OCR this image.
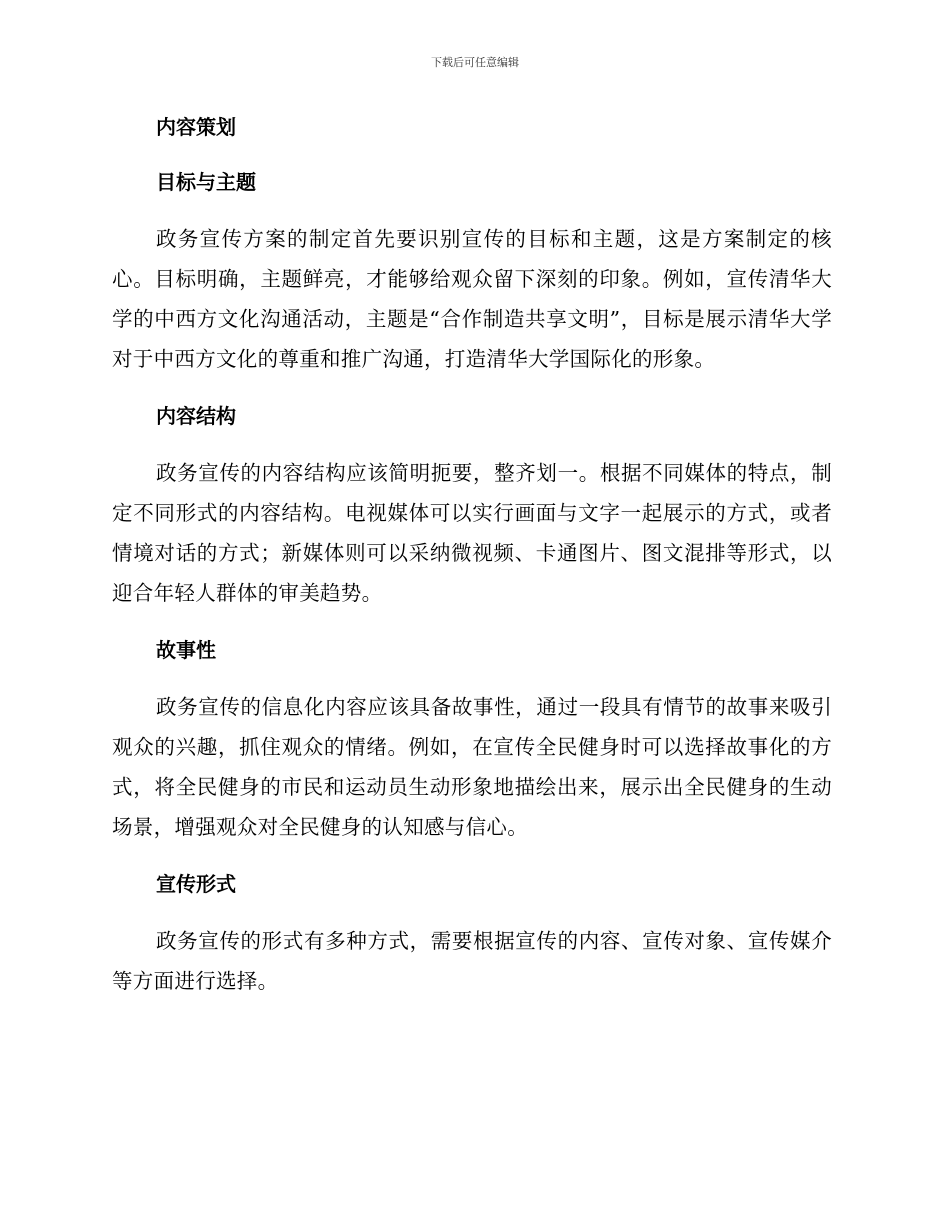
下载后可任意编辑
内容策划
目标与主题

政务宣传方案的制定首先要识别宣传的目标和主题，这是方案制定的核心。目标明确，主题鲜亮，才能够给观众留下深刻的印象。例如，宣传清华大学的中西方文化沟通活动，主题是“合作制造共享文明”，目标是展示清华大学对于中西方文化的尊重和推广沟通，打造清华大学国际化的形象。

内容结构

政务宣传的内容结构应该简明扼要，整齐划一。根据不同媒体的特点，制定不同形式的内容结构。电视媒体可以实行画面与文字一起展示的方式，或者情境对话的方式；新媒体则可以采纳微视频、卡通图片、图文混排等形式，以迎合年轻人群体的审美趋势。

故事性

政务宣传的信息化内容应该具备故事性，通过一段具有情节的故事来吸引观众的兴趣，抓住观众的情绪。例如，在宣传全民健身时可以选择故事化的方式，将全民健身的市民和运动员生动形象地描绘出来，展示出全民健身的生动场景，增强观众对全民健身的认知感与信心。

宣传形式

政务宣传的形式有多种方式，需要根据宣传的内容、宣传对象、宣传媒介等方面进行选择。
